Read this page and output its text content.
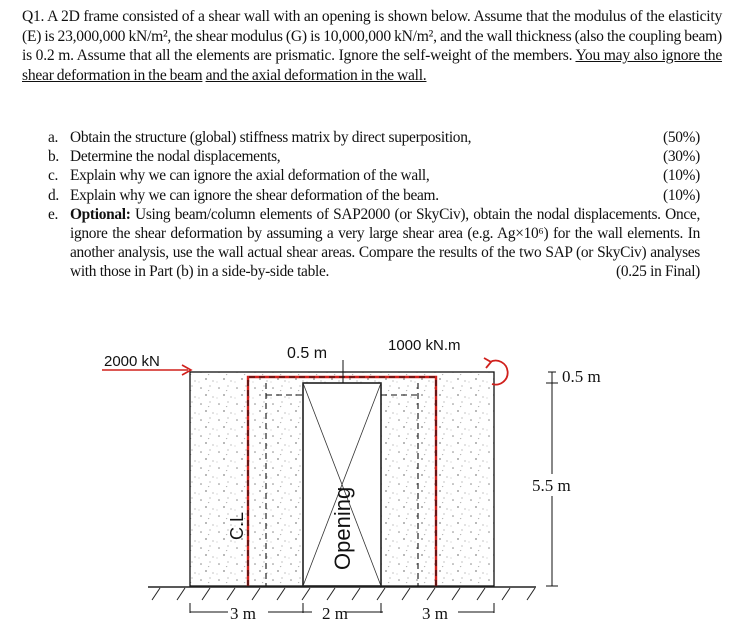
Q1. A 2D frame consisted of a shear wall with an opening is shown below. Assume that the modulus of the elasticity (E) is 23,000,000 kN/m², the shear modulus (G) is 10,000,000 kN/m², and the wall thickness (also the coupling beam) is 0.2 m. Assume that all the elements are prismatic. Ignore the self-weight of the members. You may also ignore the shear deformation in the beam and the axial deformation in the wall.
a. Obtain the structure (global) stiffness matrix by direct superposition,	(50%)
b. Determine the nodal displacements,	(30%)
c. Explain why we can ignore the axial deformation of the wall,	(10%)
d. Explain why we can ignore the shear deformation of the beam.	(10%)
e. Optional: Using beam/column elements of SAP2000 (or SkyCiv), obtain the nodal displacements. Once, ignore the shear deformation by assuming a very large shear area (e.g. Ag×10⁶) for the wall elements. In another analysis, use the wall actual shear areas. Compare the results of the two SAP (or SkyCiv) analyses with those in Part (b) in a side-by-side table.	(0.25 in Final)
2000 kN	0.5 m	1000 kN.m
0.5 m
5.5 m
C.L	Opening
3 m	2 m	3 m
